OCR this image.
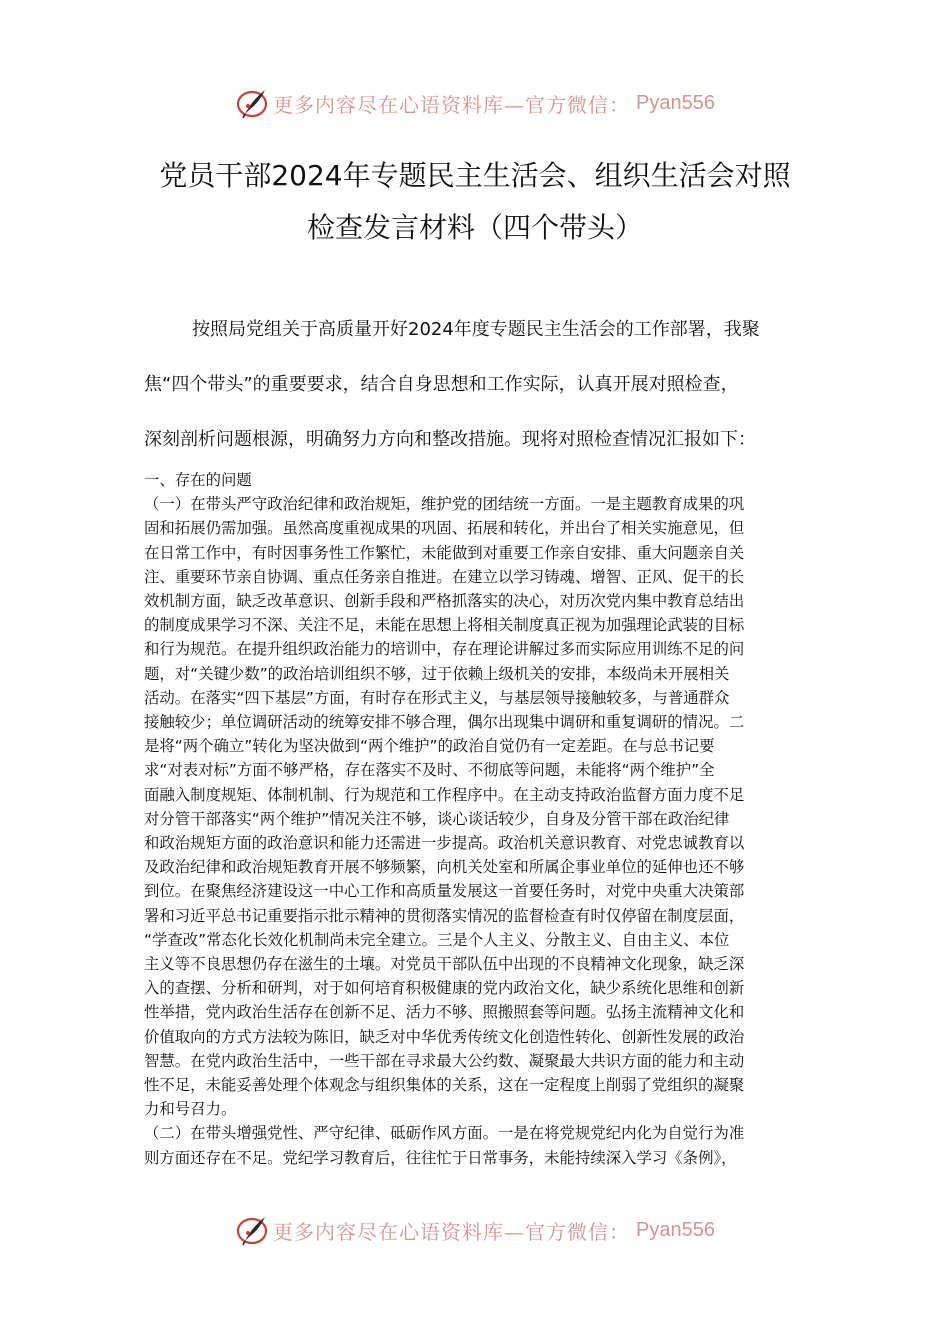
更多内容尽在心语资料库—官方微信： Pyan556
党员干部2024年专题民主生活会、组织生活会对照
检查发言材料（四个带头）
按照局党组关于高质量开好2024年度专题民主生活会的工作部署，我聚
焦“四个带头”的重要要求，结合自身思想和工作实际，认真开展对照检查，
深刻剖析问题根源，明确努力方向和整改措施。现将对照检查情况汇报如下：
一、存在的问题
（一）在带头严守政治纪律和政治规矩，维护党的团结统一方面。一是主题教育成果的巩
固和拓展仍需加强。虽然高度重视成果的巩固、拓展和转化，并出台了相关实施意见，但
在日常工作中，有时因事务性工作繁忙，未能做到对重要工作亲自安排、重大问题亲自关
注、重要环节亲自协调、重点任务亲自推进。在建立以学习铸魂、增智、正风、促干的长
效机制方面，缺乏改革意识、创新手段和严格抓落实的决心，对历次党内集中教育总结出
的制度成果学习不深、关注不足，未能在思想上将相关制度真正视为加强理论武装的目标
和行为规范。在提升组织政治能力的培训中，存在理论讲解过多而实际应用训练不足的问
题，对“关键少数”的政治培训组织不够，过于依赖上级机关的安排，本级尚未开展相关
活动。在落实“四下基层”方面，有时存在形式主义，与基层领导接触较多，与普通群众
接触较少；单位调研活动的统筹安排不够合理，偶尔出现集中调研和重复调研的情况。二
是将“两个确立”转化为坚决做到“两个维护”的政治自觉仍有一定差距。在与总书记要
求“对表对标”方面不够严格，存在落实不及时、不彻底等问题，未能将“两个维护”全
面融入制度规矩、体制机制、行为规范和工作程序中。在主动支持政治监督方面力度不足
对分管干部落实“两个维护”情况关注不够，谈心谈话较少，自身及分管干部在政治纪律
和政治规矩方面的政治意识和能力还需进一步提高。政治机关意识教育、对党忠诚教育以
及政治纪律和政治规矩教育开展不够频繁，向机关处室和所属企事业单位的延伸也还不够
到位。在聚焦经济建设这一中心工作和高质量发展这一首要任务时，对党中央重大决策部
署和习近平总书记重要指示批示精神的贯彻落实情况的监督检查有时仅停留在制度层面，
“学查改”常态化长效化机制尚未完全建立。三是个人主义、分散主义、自由主义、本位
主义等不良思想仍存在滋生的土壤。对党员干部队伍中出现的不良精神文化现象，缺乏深
入的查摆、分析和研判，对于如何培育积极健康的党内政治文化，缺少系统化思维和创新
性举措，党内政治生活存在创新不足、活力不够、照搬照套等问题。弘扬主流精神文化和
价值取向的方式方法较为陈旧，缺乏对中华优秀传统文化创造性转化、创新性发展的政治
智慧。在党内政治生活中，一些干部在寻求最大公约数、凝聚最大共识方面的能力和主动
性不足，未能妥善处理个体观念与组织集体的关系，这在一定程度上削弱了党组织的凝聚
力和号召力。
（二）在带头增强党性、严守纪律、砥砺作风方面。一是在将党规党纪内化为自觉行为准
则方面还存在不足。党纪学习教育后，往往忙于日常事务，未能持续深入学习《条例》，
更多内容尽在心语资料库—官方微信： Pyan556
